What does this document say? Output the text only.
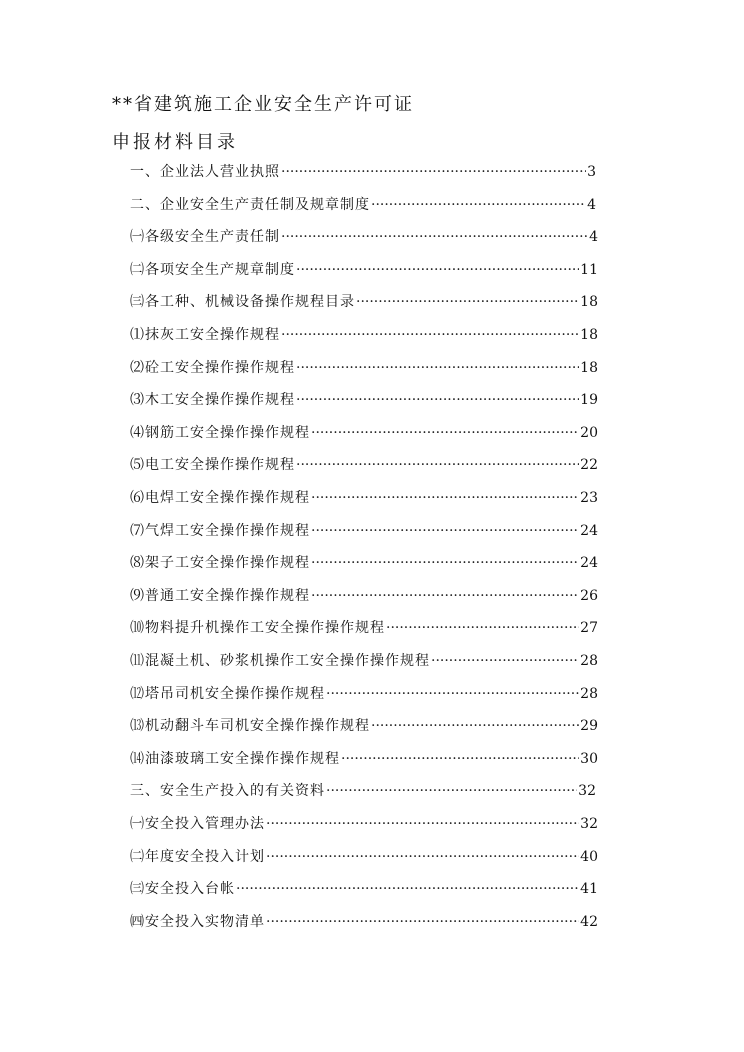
**省建筑施工企业安全生产许可证
申报材料目录
一、企业法人营业执照 ·····	3
二、企业安全生产责任制及规章制度 ·····	4
㈠各级安全生产责任制 ·····	4
㈡各项安全生产规章制度 ·····	11
㈢各工种、机械设备操作规程目录 ·····	18
⑴抹灰工安全操作规程 ·····	18
⑵砼工安全操作操作规程 ·····	18
⑶木工安全操作操作规程 ·····	19
⑷钢筋工安全操作操作规程 ·····	20
⑸电工安全操作操作规程 ·····	22
⑹电焊工安全操作操作规程 ·····	23
⑺气焊工安全操作操作规程 ·····	24
⑻架子工安全操作操作规程 ·····	24
⑼普通工安全操作操作规程 ·····	26
⑽物料提升机操作工安全操作操作规程 ·····	27
⑾混凝土机、砂浆机操作工安全操作操作规程 ·····	28
⑿塔吊司机安全操作操作规程 ·····	28
⒀机动翻斗车司机安全操作操作规程 ·····	29
⒁油漆玻璃工安全操作操作规程 ·····	30
三、安全生产投入的有关资料 ·····	32
㈠安全投入管理办法 ·····	32
㈡年度安全投入计划 ·····	40
㈢安全投入台帐 ·····	41
㈣安全投入实物清单 ·····	42
